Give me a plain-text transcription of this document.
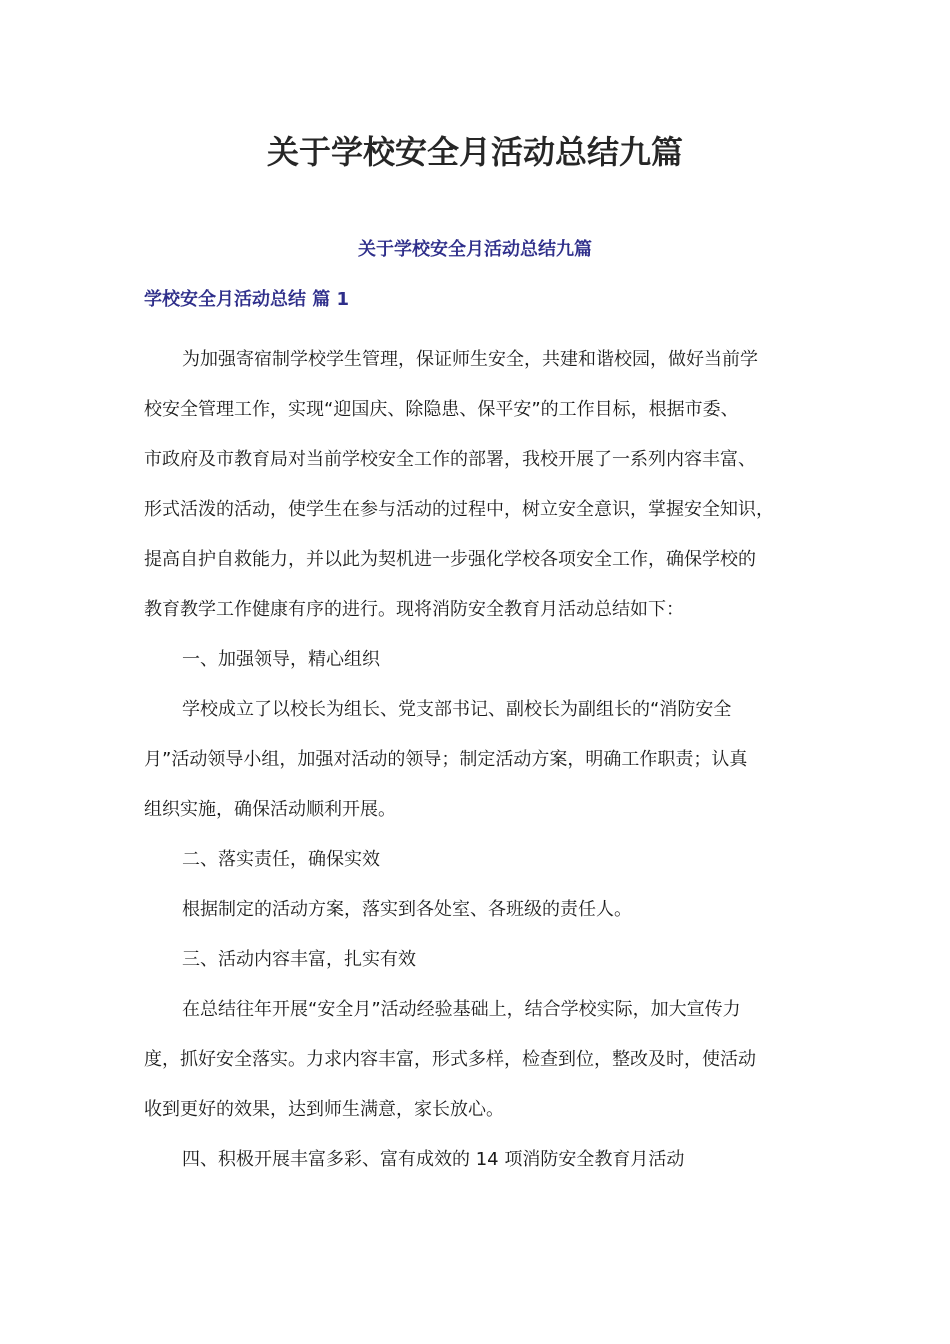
关于学校安全月活动总结九篇
关于学校安全月活动总结九篇
学校安全月活动总结 篇 1

为加强寄宿制学校学生管理，保证师生安全，共建和谐校园，做好当前学
校安全管理工作，实现“迎国庆、除隐患、保平安”的工作目标，根据市委、
市政府及市教育局对当前学校安全工作的部署，我校开展了一系列内容丰富、
形式活泼的活动，使学生在参与活动的过程中，树立安全意识，掌握安全知识，
提高自护自救能力，并以此为契机进一步强化学校各项安全工作，确保学校的
教育教学工作健康有序的进行。现将消防安全教育月活动总结如下：

一、加强领导，精心组织

学校成立了以校长为组长、党支部书记、副校长为副组长的“消防安全
月”活动领导小组，加强对活动的领导；制定活动方案，明确工作职责；认真
组织实施，确保活动顺利开展。

二、落实责任，确保实效

根据制定的活动方案，落实到各处室、各班级的责任人。

三、活动内容丰富，扎实有效

在总结往年开展“安全月”活动经验基础上，结合学校实际，加大宣传力
度，抓好安全落实。力求内容丰富，形式多样，检查到位，整改及时，使活动
收到更好的效果，达到师生满意，家长放心。

四、积极开展丰富多彩、富有成效的 14 项消防安全教育月活动
